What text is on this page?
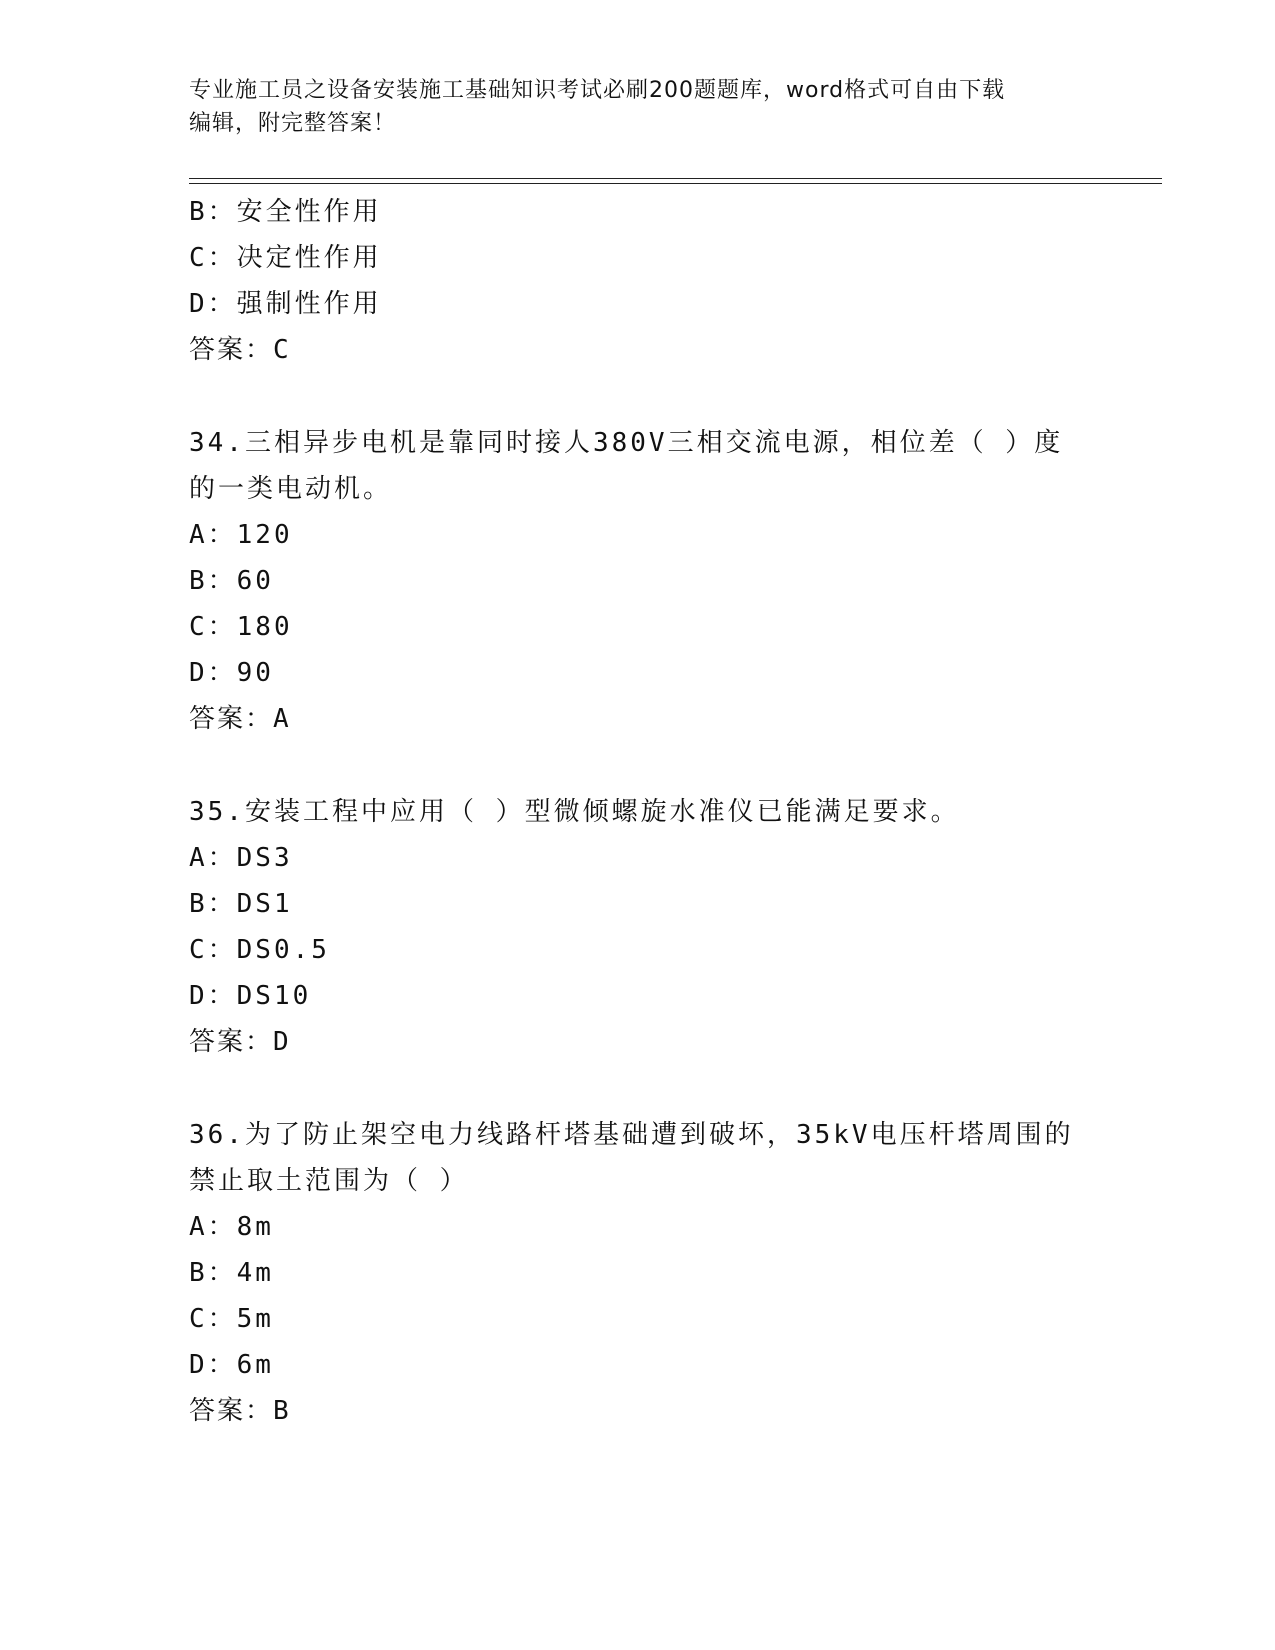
专业施工员之设备安装施工基础知识考试必刷200题题库，word格式可自由下载
编辑，附完整答案！
B：安全性作用
C：决定性作用
D：强制性作用
答案：C
34.三相异步电机是靠同时接人380V三相交流电源，相位差（ ）度的一类电动机。
A：120
B：60
C：180
D：90
答案：A
35.安装工程中应用（ ）型微倾螺旋水准仪已能满足要求。
A：DS3
B：DS1
C：DS0.5
D：DS10
答案：D
36.为了防止架空电力线路杆塔基础遭到破坏，35kV电压杆塔周围的禁止取土范围为（ ）
A：8m
B：4m
C：5m
D：6m
答案：B
